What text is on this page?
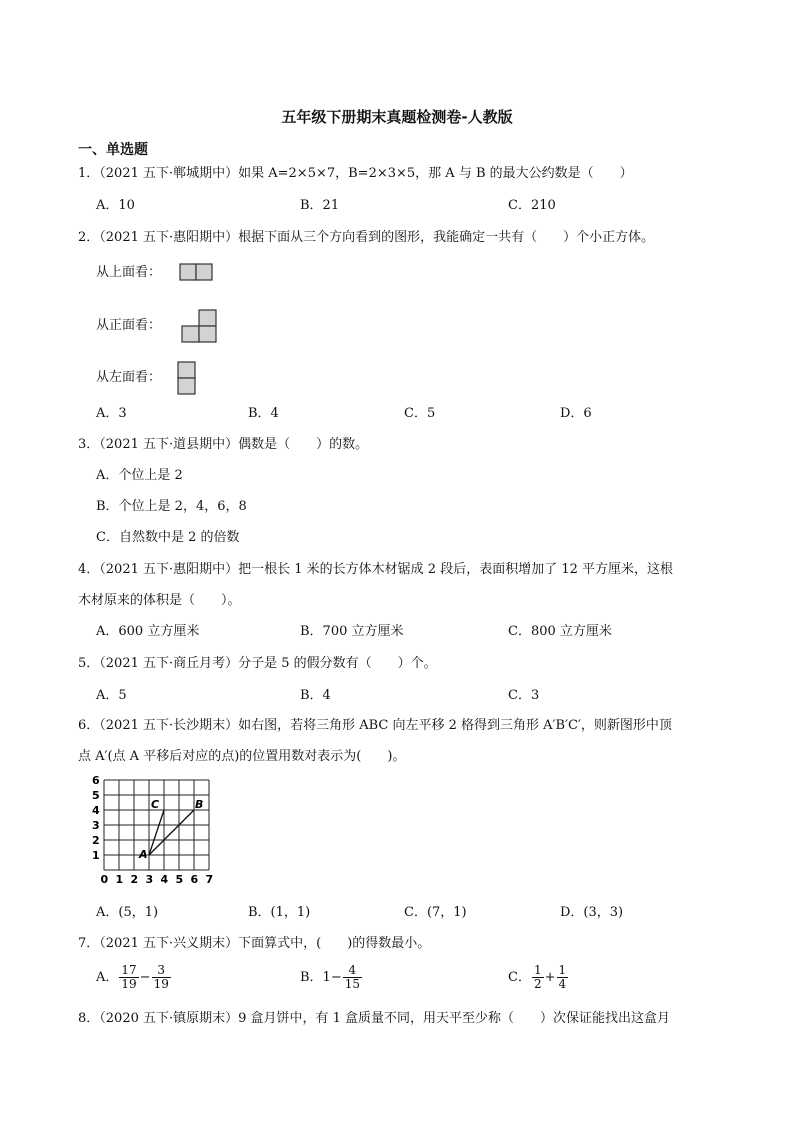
五年级下册期末真题检测卷-人教版
一、单选题
1．（2021 五下·郸城期中）如果 A=2×5×7，B=2×3×5，那 A 与 B 的最大公约数是（　　）
A．10	B．21	C．210
2．（2021 五下·惠阳期中）根据下面从三个方向看到的图形，我能确定一共有（　　）个小正方体。
从上面看：
从正面看：
从左面看：
A．3	B．4	C．5	D．6
3．（2021 五下·道县期中）偶数是（　　）的数。
A．个位上是 2
B．个位上是 2，4，6，8
C．自然数中是 2 的倍数
4．（2021 五下·惠阳期中）把一根长 1 米的长方体木材锯成 2 段后，表面积增加了 12 平方厘米，这根
木材原来的体积是（　　）。
A．600 立方厘米	B．700 立方厘米	C．800 立方厘米
5．（2021 五下·商丘月考）分子是 5 的假分数有（　　）个。
A．5	B．4	C．3
6．（2021 五下·长沙期末）如右图，若将三角形 ABC 向左平移 2 格得到三角形 A′B′C′，则新图形中顶
点 A′(点 A 平移后对应的点)的位置用数对表示为(　　)。
0 1 2 3 4 5 6 7
1
2
3
4
5
6
A
B
C
A．(5，1)	B．(1，1)	C．(7，1)	D．(3，3)
7．（2021 五下·兴义期末）下面算式中，(　　)的得数最小。
A． $\frac{17}{19} - \frac{3}{19}$	B．$1- \frac{4}{15}$	C． $\frac{1}{2} + \frac{1}{4}$
8．（2020 五下·镇原期末）9 盒月饼中，有 1 盒质量不同，用天平至少称（　　）次保证能找出这盒月
